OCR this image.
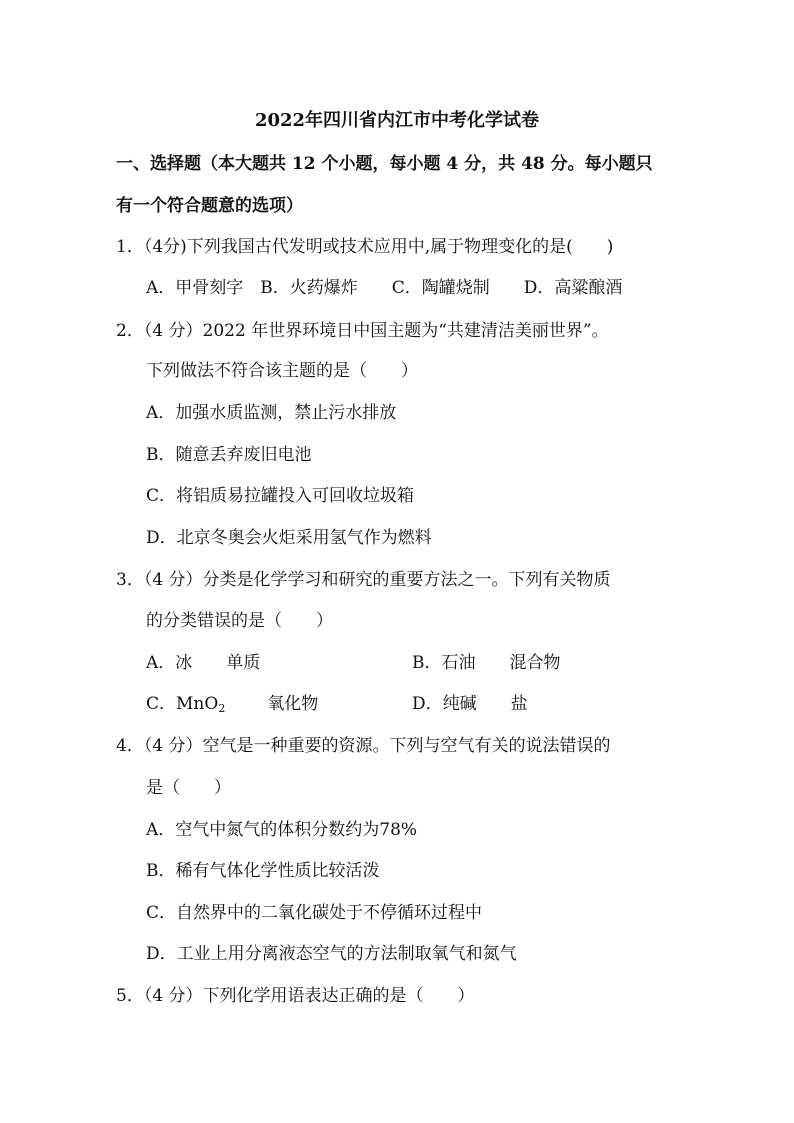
2022年四川省内江市中考化学试卷
一、选择题（本大题共 12 个小题，每小题 4 分，共 48 分。每小题只
有一个符合题意的选项）
1．（4分)下列我国古代发明或技术应用中,属于物理变化的是(　　)
A．甲骨刻字　B．火药爆炸　　C．陶罐烧制　　D．高粱酿酒
2．（4 分）2022 年世界环境日中国主题为“共建清洁美丽世界”。
下列做法不符合该主题的是（　　）
A．加强水质监测，禁止污水排放
B．随意丢弃废旧电池
C．将铝质易拉罐投入可回收垃圾箱
D．北京冬奥会火炬采用氢气作为燃料
3．（4 分）分类是化学学习和研究的重要方法之一。下列有关物质
的分类错误的是（　　）
A．冰　　单质	B．石油　　混合物
C．MnO$_2$ 氧化物	D．纯碱　　盐
4．（4 分）空气是一种重要的资源。下列与空气有关的说法错误的
是（　　）
A．空气中氮气的体积分数约为78%
B．稀有气体化学性质比较活泼
C．自然界中的二氧化碳处于不停循环过程中
D．工业上用分离液态空气的方法制取氧气和氮气
5．（4 分）下列化学用语表达正确的是（　　）
